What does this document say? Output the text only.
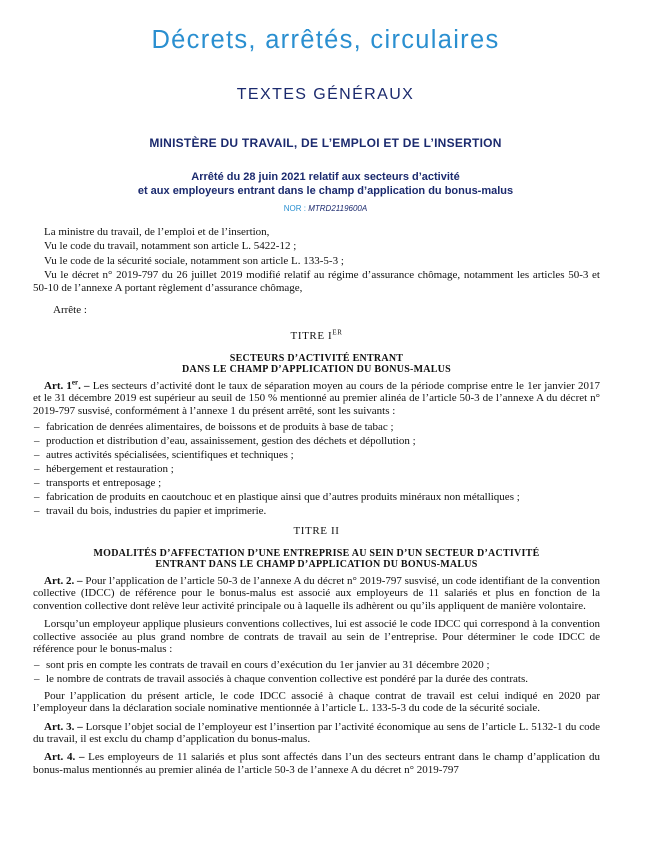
Décrets, arrêtés, circulaires
TEXTES GÉNÉRAUX
MINISTÈRE DU TRAVAIL, DE L’EMPLOI ET DE L’INSERTION
Arrêté du 28 juin 2021 relatif aux secteurs d’activité
et aux employeurs entrant dans le champ d’application du bonus-malus
NOR : MTRD2119600A

La ministre du travail, de l’emploi et de l’insertion,

Vu le code du travail, notamment son article L. 5422-12 ;

Vu le code de la sécurité sociale, notamment son article L. 133-5-3 ;

Vu le décret n° 2019-797 du 26 juillet 2019 modifié relatif au régime d’assurance chômage, notamment les articles 50-3 et 50-10 de l’annexe A portant règlement d’assurance chômage,

Arrête :

TITRE IER
SECTEURS D’ACTIVITÉ ENTRANT
DANS LE CHAMP D’APPLICATION DU BONUS-MALUS

Art. 1er. – Les secteurs d’activité dont le taux de séparation moyen au cours de la période comprise entre le 1er janvier 2017 et le 31 décembre 2019 est supérieur au seuil de 150 % mentionné au premier alinéa de l’article 50-3 de l’annexe A du décret n° 2019-797 susvisé, conformément à l’annexe 1 du présent arrêté, sont les suivants :

– fabrication de denrées alimentaires, de boissons et de produits à base de tabac ;
– production et distribution d’eau, assainissement, gestion des déchets et dépollution ;
– autres activités spécialisées, scientifiques et techniques ;
– hébergement et restauration ;
– transports et entreposage ;
– fabrication de produits en caoutchouc et en plastique ainsi que d’autres produits minéraux non métalliques ;
– travail du bois, industries du papier et imprimerie.
TITRE II
MODALITÉS D’AFFECTATION D’UNE ENTREPRISE AU SEIN D’UN SECTEUR D’ACTIVITÉ
ENTRANT DANS LE CHAMP D’APPLICATION DU BONUS-MALUS

Art. 2. – Pour l’application de l’article 50-3 de l’annexe A du décret n° 2019-797 susvisé, un code identifiant de la convention collective (IDCC) de référence pour le bonus-malus est associé aux employeurs de 11 salariés et plus en fonction de la convention collective dont relève leur activité principale ou à laquelle ils adhèrent ou qu’ils appliquent de manière volontaire.

Lorsqu’un employeur applique plusieurs conventions collectives, lui est associé le code IDCC qui correspond à la convention collective associée au plus grand nombre de contrats de travail au sein de l’entreprise. Pour déterminer le code IDCC de référence pour le bonus-malus :

– sont pris en compte les contrats de travail en cours d’exécution du 1er janvier au 31 décembre 2020 ;
– le nombre de contrats de travail associés à chaque convention collective est pondéré par la durée des contrats.

Pour l’application du présent article, le code IDCC associé à chaque contrat de travail est celui indiqué en 2020 par l’employeur dans la déclaration sociale nominative mentionnée à l’article L. 133-5-3 du code de la sécurité sociale.

Art. 3. – Lorsque l’objet social de l’employeur est l’insertion par l’activité économique au sens de l’article L. 5132-1 du code du travail, il est exclu du champ d’application du bonus-malus.

Art. 4. – Les employeurs de 11 salariés et plus sont affectés dans l’un des secteurs entrant dans le champ d’application du bonus-malus mentionnés au premier alinéa de l’article 50-3 de l’annexe A du décret n° 2019-797
